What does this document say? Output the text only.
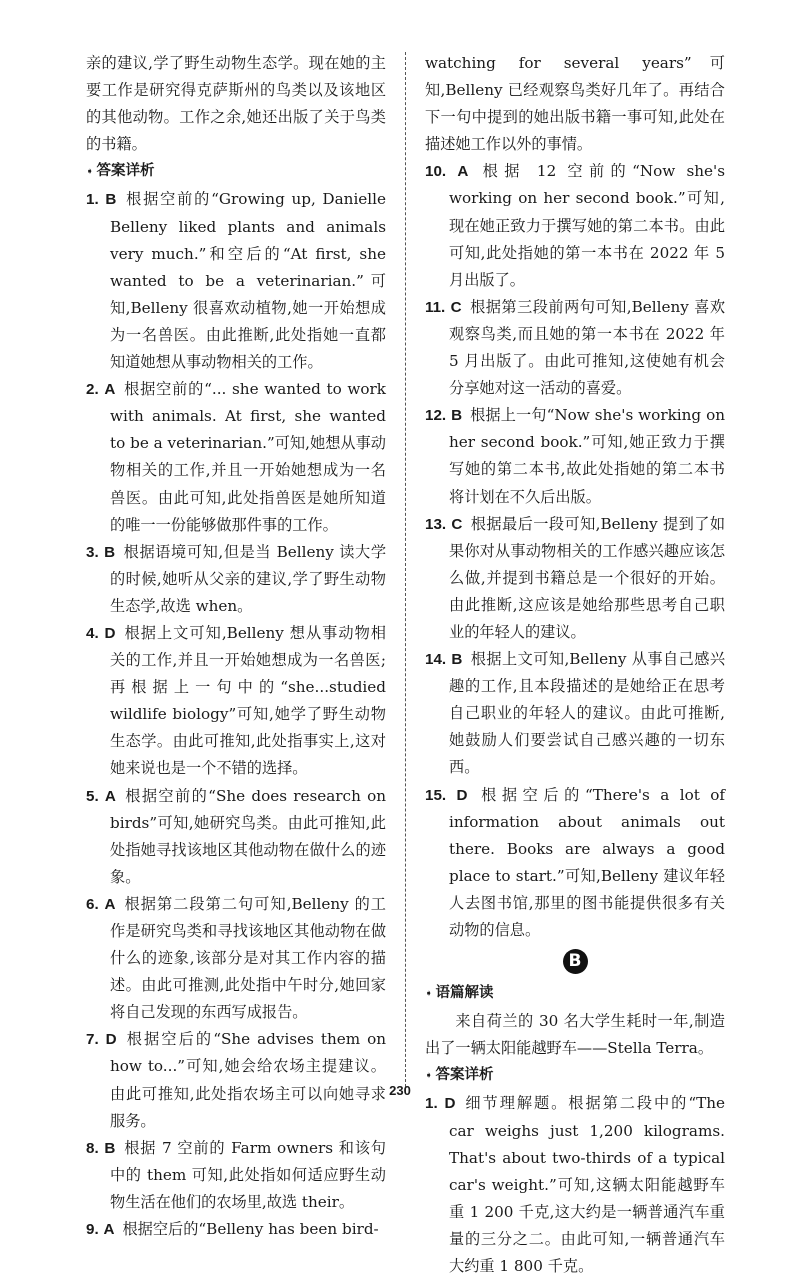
亲的建议,学了野生动物生态学。现在她的主要工作是研究得克萨斯州的鸟类以及该地区的其他动物。工作之余,她还出版了关于鸟类的书籍。

➧ 答案详析

1. B 根据空前的“Growing up, Danielle Belleny liked plants and animals very much.”和空后的“At first, she wanted to be a veterinarian.”可知,Belleny 很喜欢动植物,她一开始想成为一名兽医。由此推断,此处指她一直都知道她想从事动物相关的工作。

2. A 根据空前的“... she wanted to work with animals. At first, she wanted to be a veterinarian.”可知,她想从事动物相关的工作,并且一开始她想成为一名兽医。由此可知,此处指兽医是她所知道的唯一一份能够做那件事的工作。

3. B 根据语境可知,但是当 Belleny 读大学的时候,她听从父亲的建议,学了野生动物生态学,故选 when。

4. D 根据上文可知,Belleny 想从事动物相关的工作,并且一开始她想成为一名兽医;再根据上一句中的“she...studied wildlife biology”可知,她学了野生动物生态学。由此可推知,此处指事实上,这对她来说也是一个不错的选择。

5. A 根据空前的“She does research on birds”可知,她研究鸟类。由此可推知,此处指她寻找该地区其他动物在做什么的迹象。

6. A 根据第二段第二句可知,Belleny 的工作是研究鸟类和寻找该地区其他动物在做什么的迹象,该部分是对其工作内容的描述。由此可推测,此处指中午时分,她回家将自己发现的东西写成报告。

7. D 根据空后的“She advises them on how to...”可知,她会给农场主提建议。由此可推知,此处指农场主可以向她寻求服务。

8. B 根据 7 空前的 Farm owners 和该句中的 them 可知,此处指如何适应野生动物生活在他们的农场里,故选 their。

9. A 根据空后的“Belleny has been bird-

watching for several years”可知,Belleny 已经观察鸟类好几年了。再结合下一句中提到的她出版书籍一事可知,此处在描述她工作以外的事情。

10. A 根据 12 空前的“Now she's working on her second book.”可知,现在她正致力于撰写她的第二本书。由此可知,此处指她的第一本书在 2022 年 5 月出版了。

11. C 根据第三段前两句可知,Belleny 喜欢观察鸟类,而且她的第一本书在 2022 年 5 月出版了。由此可推知,这使她有机会分享她对这一活动的喜爱。

12. B 根据上一句“Now she's working on her second book.”可知,她正致力于撰写她的第二本书,故此处指她的第二本书将计划在不久后出版。

13. C 根据最后一段可知,Belleny 提到了如果你对从事动物相关的工作感兴趣应该怎么做,并提到书籍总是一个很好的开始。由此推断,这应该是她给那些思考自己职业的年轻人的建议。

14. B 根据上文可知,Belleny 从事自己感兴趣的工作,且本段描述的是她给正在思考自己职业的年轻人的建议。由此可推断,她鼓励人们要尝试自己感兴趣的一切东西。

15. D 根据空后的“There's a lot of information about animals out there. Books are always a good place to start.”可知,Belleny 建议年轻人去图书馆,那里的图书能提供很多有关动物的信息。

B

➧ 语篇解读

来自荷兰的 30 名大学生耗时一年,制造出了一辆太阳能越野车——Stella Terra。

➧ 答案详析

1. D 细节理解题。根据第二段中的“The car weighs just 1,200 kilograms. That's about two-thirds of a typical car's weight.”可知,这辆太阳能越野车重 1 200 千克,这大约是一辆普通汽车重量的三分之二。由此可知,一辆普通汽车大约重 1 800 千克。

230
